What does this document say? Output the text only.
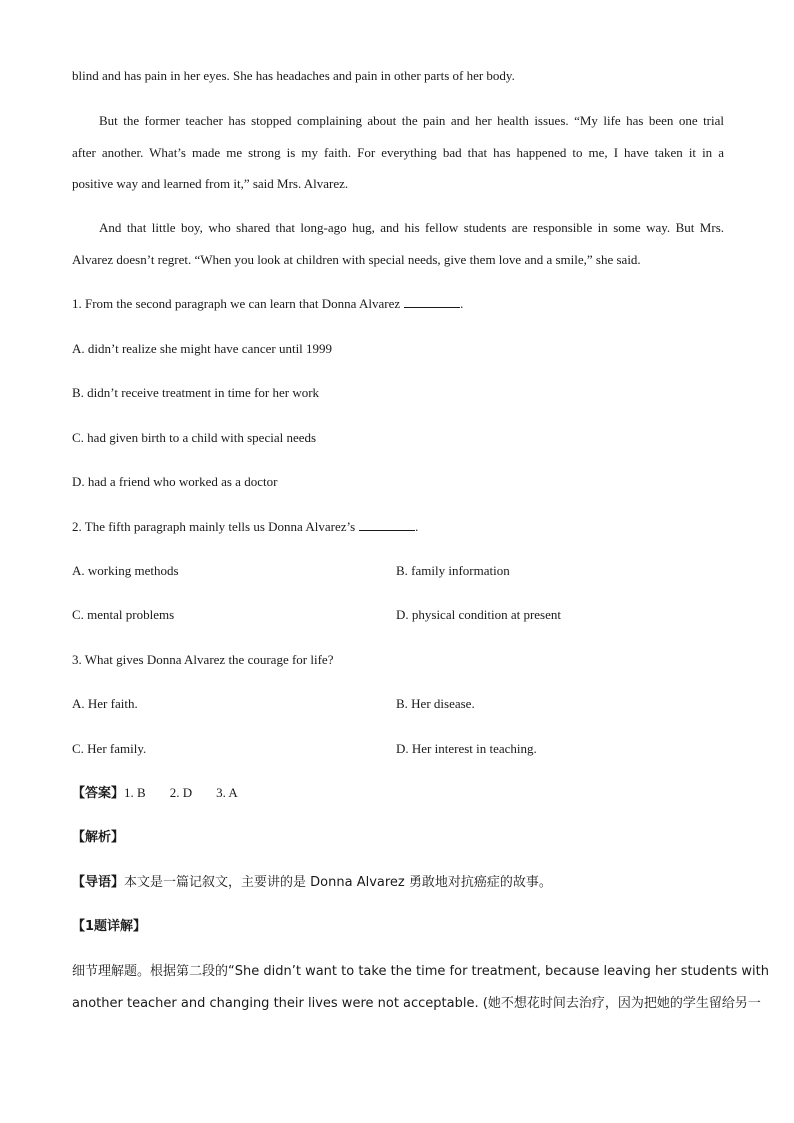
blind and has pain in her eyes. She has headaches and pain in other parts of her body.
But the former teacher has stopped complaining about the pain and her health issues. “My life has been one trial
after another. What’s made me strong is my faith. For everything bad that has happened to me, I have taken it in a
positive way and learned from it,” said Mrs. Alvarez.
And that little boy, who shared that long-ago hug, and his fellow students are responsible in some way. But Mrs.
Alvarez doesn’t regret. “When you look at children with special needs, give them love and a smile,” she said.
1. From the second paragraph we can learn that Donna Alvarez	.
A. didn’t realize she might have cancer until 1999
B. didn’t receive treatment in time for her work
C. had given birth to a child with special needs
D. had a friend who worked as a doctor
2. The fifth paragraph mainly tells us Donna Alvarez’s	.
A. working methods	B. family information
C. mental problems	D. physical condition at present
3. What gives Donna Alvarez the courage for life?
A. Her faith.	B. Her disease.
C. Her family.	D. Her interest in teaching.
【答案】1. B 2. D 3. A
【解析】
【导语】本文是一篇记叙文，主要讲的是 Donna Alvarez 勇敢地对抗癌症的故事。
【1题详解】
细节理解题。根据第二段的“She didn’t want to take the time for treatment, because leaving her students with
another teacher and changing their lives were not acceptable. (她不想花时间去治疗，因为把她的学生留给另一
